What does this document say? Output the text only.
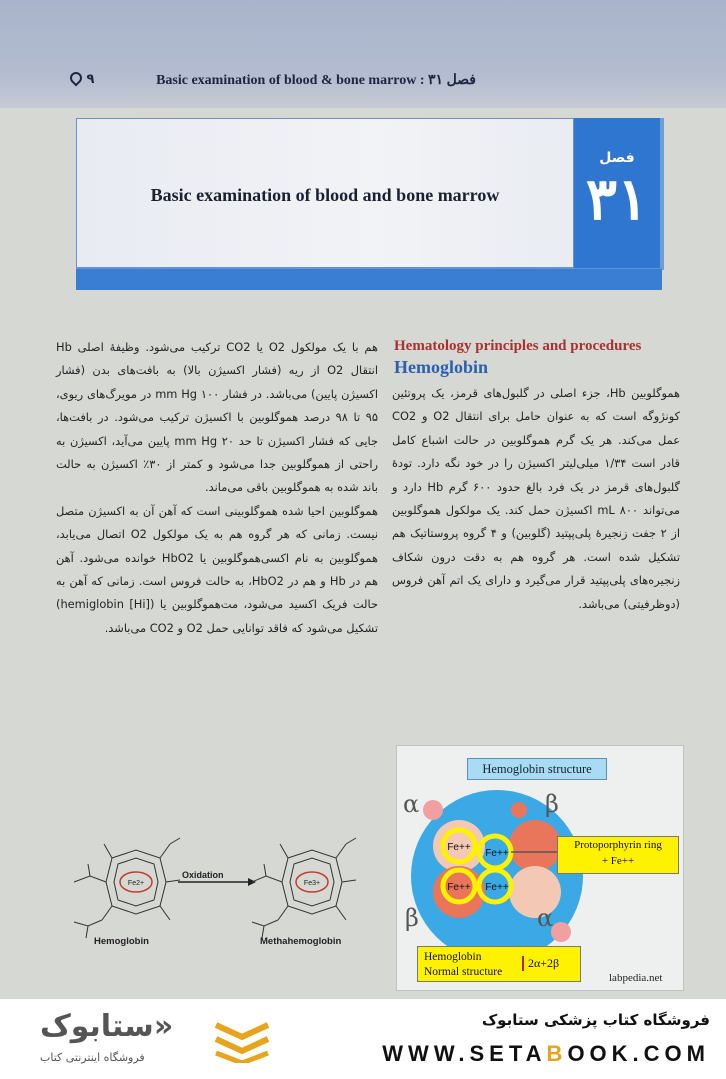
Basic examination of blood & bone marrow : ۳۱ فصل
۹
Basic examination of blood and bone marrow
فصل
۳۱
Hematology principles and procedures
Hemoglobin

هموگلوبین Hb، جزء اصلی در گلبول‌های قرمز، یک پروتئین کونژوگه است که به عنوان حامل برای انتقال O2 و CO2 عمل می‌کند. هر یک گرم هموگلوبین در حالت اشباع کامل قادر است ۱/۳۴ میلی‌لیتر اکسیژن را در خود نگه دارد. تودهٔ گلبول‌های قرمز در یک فرد بالغ حدود ۶۰۰ گرم Hb دارد و می‌تواند ۸۰۰ mL اکسیژن حمل کند. یک مولکول هموگلوبین از ۲ جفت زنجیرهٔ پلی‌پپتید (گلوبین) و ۴ گروه پروستاتیک هم تشکیل شده است. هر گروه هم به دقت درون شکاف زنجیره‌های پلی‌پپتید قرار می‌گیرد و دارای یک اتم آهن فروس (دوظرفیتی) می‌باشد.

هم با یک مولکول O2 یا CO2 ترکیب می‌شود. وظیفهٔ اصلی Hb انتقال O2 از ریه (فشار اکسیژن بالا) به بافت‌های بدن (فشار اکسیژن پایین) می‌باشد. در فشار ۱۰۰ mm Hg در مویرگ‌های ریوی، ۹۵ تا ۹۸ درصد هموگلوبین با اکسیژن ترکیب می‌شود. در بافت‌ها، جایی که فشار اکسیژن تا حد ۲۰ mm Hg پایین می‌آید، اکسیژن به راحتی از هموگلوبین جدا می‌شود و کمتر از ۳۰٪ اکسیژن به حالت باند شده به هموگلوبین باقی می‌ماند.

هموگلوبین احیا شده هموگلوبینی است که آهن آن به اکسیژن متصل نیست. زمانی که هر گروه هم به یک مولکول O2 اتصال می‌یابد، هموگلوبین به نام اکسی‌هموگلوبین یا HbO2 خوانده می‌شود. آهن هم در Hb و هم در HbO2، به حالت فروس است. زمانی که آهن به حالت فریک اکسید می‌شود، مت‌هموگلوبین یا (hemiglobin [Hi]) تشکیل می‌شود که فاقد توانایی حمل O2 و CO2 می‌باشد.

Fe2+	Fe3+
Oxidation
Hemoglobin	Methahemoglobin
Fe++
Fe++
Fe++ Fe++
Hemoglobin structure
α	β
β	α
Protoporphyrin ring
+ Fe++
Hemoglobin
Normal structure
2α+2β
labpedia.net
ستابوک»
فروشگاه اینترنتی کتاب
فروشگاه کتاب پزشکی ستابوک
WWW.SETABOOK.COM
